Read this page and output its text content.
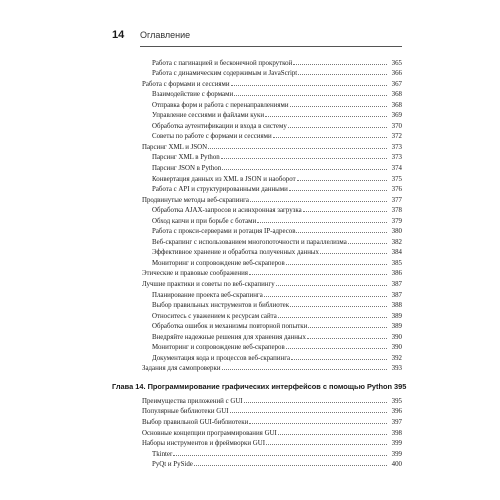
14	Оглавление
Работа с пагинацией и бесконечной прокруткой	365
Работа с динамическим содержимым и JavaScript	366
Работа с формами и сессиями	367
Взаимодействие с формами	368
Отправка форм и работа с перенаправлениями	368
Управление сессиями и файлами куки	369
Обработка аутентификации и входа в систему	370
Советы по работе с формами и сессиями	372
Парсинг XML и JSON	373
Парсинг XML в Python	373
Парсинг JSON в Python	374
Конвертация данных из XML в JSON и наоборот	375
Работа с API и структурированными данными	376
Продвинутые методы веб-скрапинга	377
Обработка AJAX-запросов и асинхронная загрузка	378
Обход капчи и при борьбе с ботами	379
Работа с прокси-серверами и ротация IP-адресов	380
Веб-скрапинг с использованием многопоточности и параллелизма	382
Эффективное хранение и обработка полученных данных	384
Мониторинг и сопровождение веб-скраперов	385
Этические и правовые соображения	386
Лучшие практики и советы по веб-скрапингу	387
Планирование проекта веб-скрапинга	387
Выбор правильных инструментов и библиотек	388
Относитесь с уважением к ресурсам сайта	389
Обработка ошибок и механизмы повторной попытки	389
Внедряйте надежные решения для хранения данных	390
Мониторинг и сопровождение веб-скраперов	390
Документация кода и процессов веб-скрапинга	392
Задания для самопроверки	393
Глава 14. Программирование графических интерфейсов с помощью Python 395
Преимущества приложений с GUI	395
Популярные библиотеки GUI	396
Выбор правильной GUI-библиотеки	397
Основные концепции программирования GUI	398
Наборы инструментов и фреймворки GUI	399
Tkinter	399
PyQt и PySide	400
